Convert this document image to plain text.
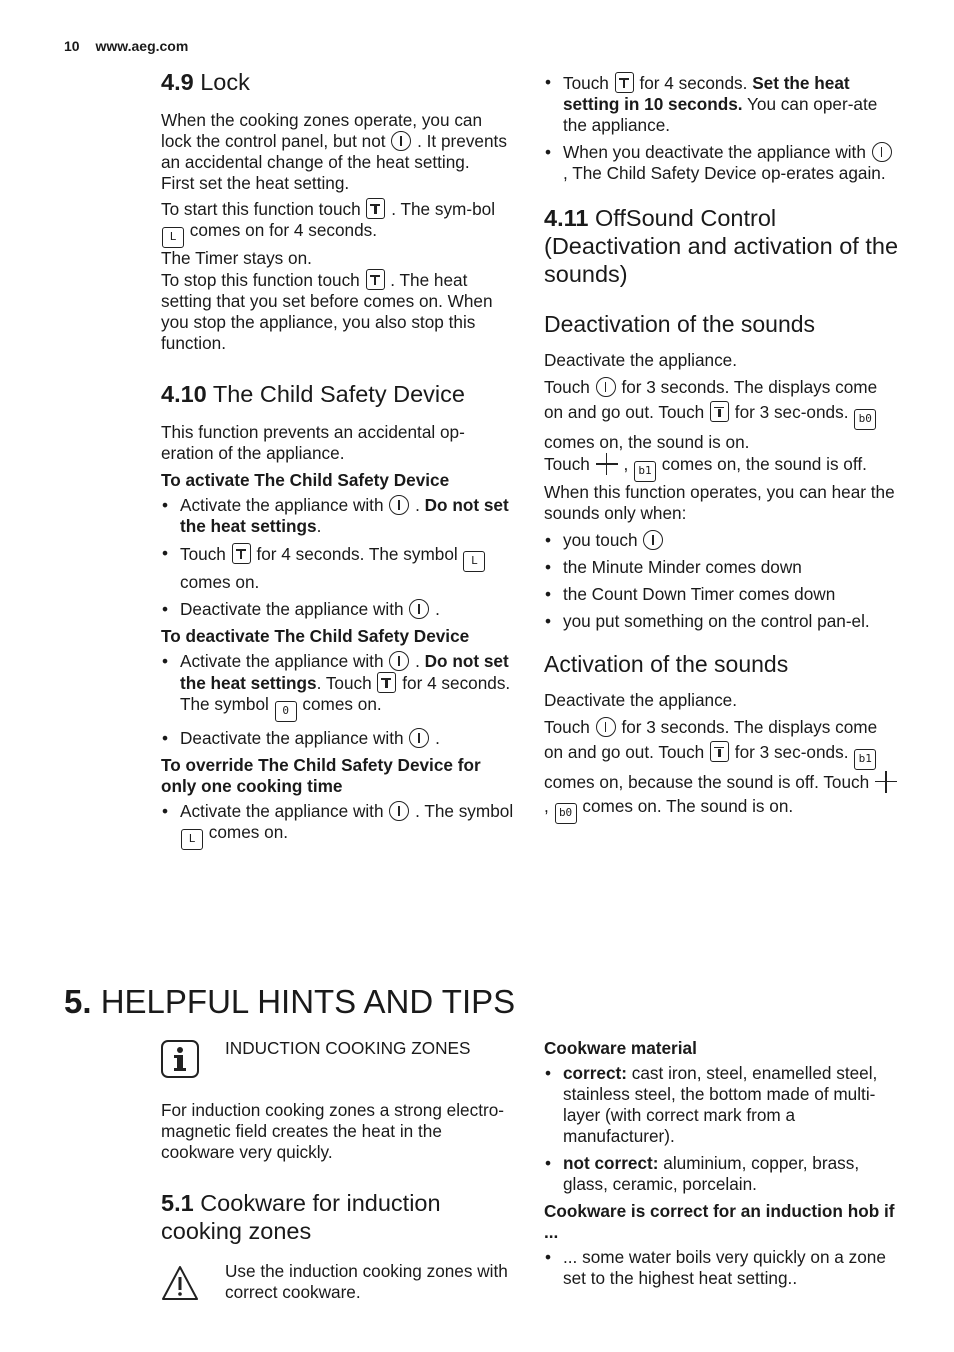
10 www.aeg.com
4.9 Lock

When the cooking zones operate, you can lock the control panel, but not . It prevents an accidental change of the heat setting.

First set the heat setting.

To start this function touch . The sym-bol L comes on for 4 seconds.

The Timer stays on.

To stop this function touch . The heat setting that you set before comes on. When you stop the appliance, you also stop this function.

4.10 The Child Safety Device

This function prevents an accidental op-eration of the appliance.

To activate The Child Safety Device

• Activate the appliance with . Do not set the heat settings.
• Touch for 4 seconds. The symbol L comes on.
• Deactivate the appliance with .

To deactivate The Child Safety Device

• Activate the appliance with . Do not set the heat settings. Touch for 4 seconds. The symbol 0 comes on.
• Deactivate the appliance with .

To override The Child Safety Device for only one cooking time

• Activate the appliance with . The symbol L comes on.
• Touch for 4 seconds. Set the heat setting in 10 seconds. You can oper-ate the appliance.
• When you deactivate the appliance with  , The Child Safety Device op-erates again.
4.11 OffSound Control (Deactivation and activation of the sounds)
Deactivation of the sounds

Deactivate the appliance.

Touch for 3 seconds. The displays come on and go out. Touch for 3 sec-onds. b0 comes on, the sound is on.

Touch , b1 comes on, the sound is off.

When this function operates, you can hear the sounds only when:

• you touch
• the Minute Minder comes down
• the Count Down Timer comes down
• you put something on the control pan-el.
Activation of the sounds

Deactivate the appliance.

Touch for 3 seconds. The displays come on and go out. Touch for 3 sec-onds. b1 comes on, because the sound is off. Touch  , b0 comes on. The sound is on.

5. HELPFUL HINTS AND TIPS

INDUCTION COOKING ZONES

For induction cooking zones a strong electro-magnetic field creates the heat in the cookware very quickly.

5.1 Cookware for induction cooking zones

Use the induction cooking zones with correct cookware.

Cookware material

• correct: cast iron, steel, enamelled steel, stainless steel, the bottom made of multi-layer (with correct mark from a manufacturer).
• not correct: aluminium, copper, brass, glass, ceramic, porcelain.

Cookware is correct for an induction hob if ...

• ... some water boils very quickly on a zone set to the highest heat setting..
